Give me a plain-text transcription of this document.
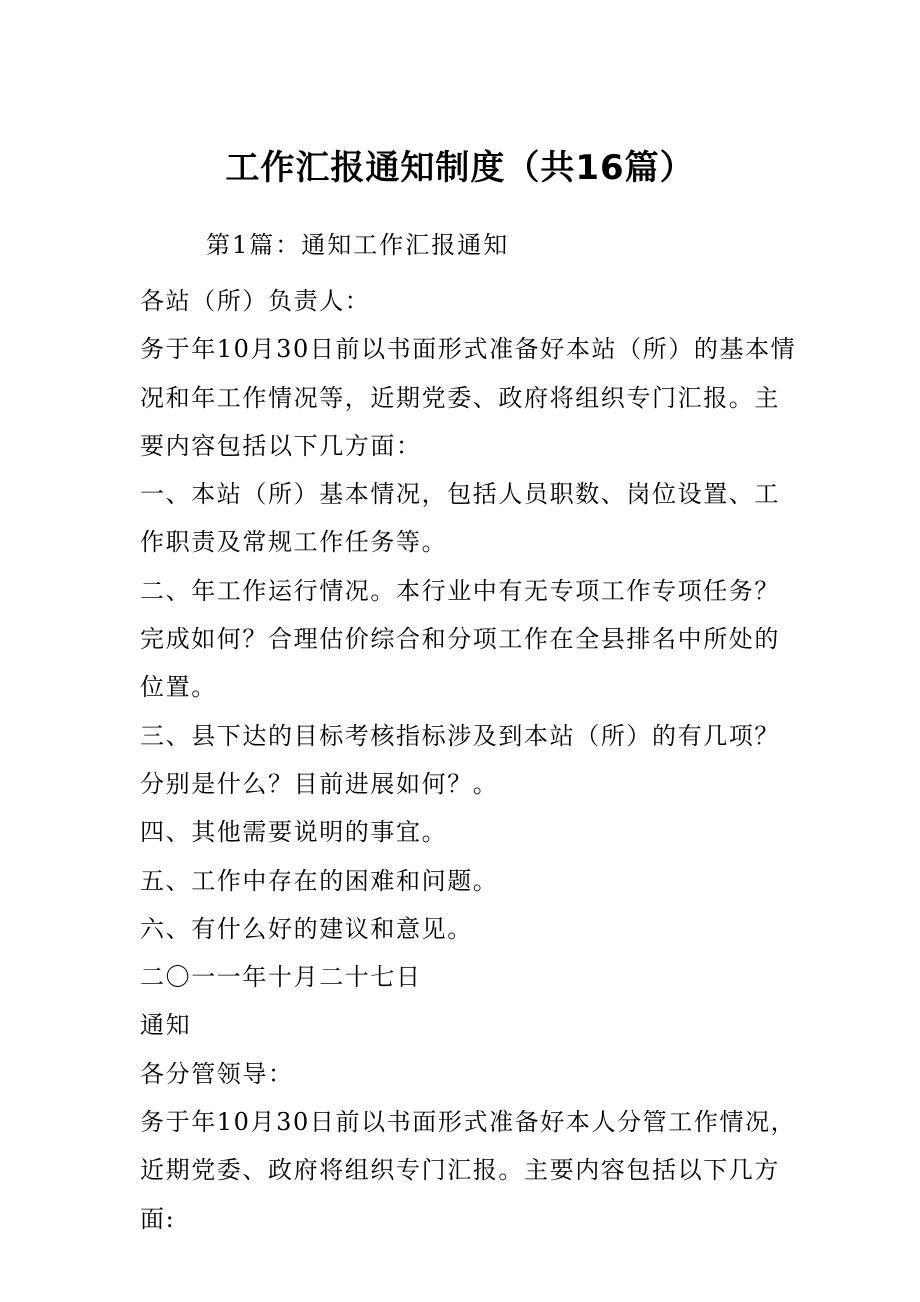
工作汇报通知制度（共16篇）
第1篇：通知工作汇报通知

各站（所）负责人：

务于年10月30日前以书面形式准备好本站（所）的基本情况和年工作情况等，近期党委、政府将组织专门汇报。主要内容包括以下几方面：

一、本站（所）基本情况，包括人员职数、岗位设置、工作职责及常规工作任务等。

二、年工作运行情况。本行业中有无专项工作专项任务？完成如何？合理估价综合和分项工作在全县排名中所处的位置。

三、县下达的目标考核指标涉及到本站（所）的有几项？分别是什么？目前进展如何？。

四、其他需要说明的事宜。

五、工作中存在的困难和问题。

六、有什么好的建议和意见。

二〇一一年十月二十七日

通知

各分管领导：

务于年10月30日前以书面形式准备好本人分管工作情况，近期党委、政府将组织专门汇报。主要内容包括以下几方面:
